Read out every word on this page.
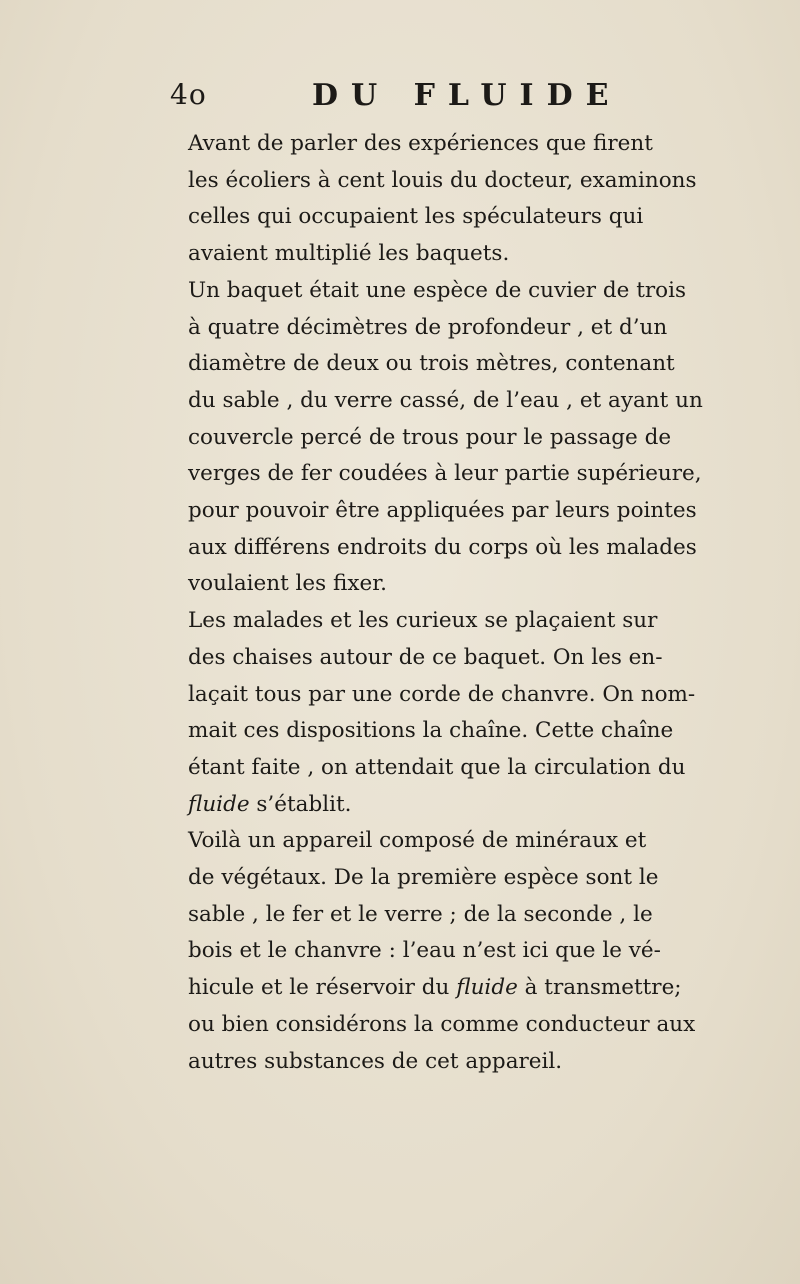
4o	DU FLUIDE

Avant de parler des expériences que firent
les écoliers à cent louis du docteur, examinons
celles qui occupaient les spéculateurs qui
avaient multiplié les baquets.

Un baquet était une espèce de cuvier de trois
à quatre décimètres de profondeur , et d’un
diamètre de deux ou trois mètres, contenant
du sable , du verre cassé, de l’eau , et ayant un
couvercle percé de trous pour le passage de
verges de fer coudées à leur partie supérieure,
pour pouvoir être appliquées par leurs pointes
aux différens endroits du corps où les malades
voulaient les fixer.

Les malades et les curieux se plaçaient sur
des chaises autour de ce baquet. On les en-
laçait tous par une corde de chanvre. On nom-
mait ces dispositions la chaîne. Cette chaîne
étant faite , on attendait que la circulation du
fluide s’établit.

Voilà un appareil composé de minéraux et
de végétaux. De la première espèce sont le
sable , le fer et le verre ; de la seconde , le
bois et le chanvre : l’eau n’est ici que le vé-
hicule et le réservoir du fluide à transmettre;
ou bien considérons la comme conducteur aux
autres substances de cet appareil.
